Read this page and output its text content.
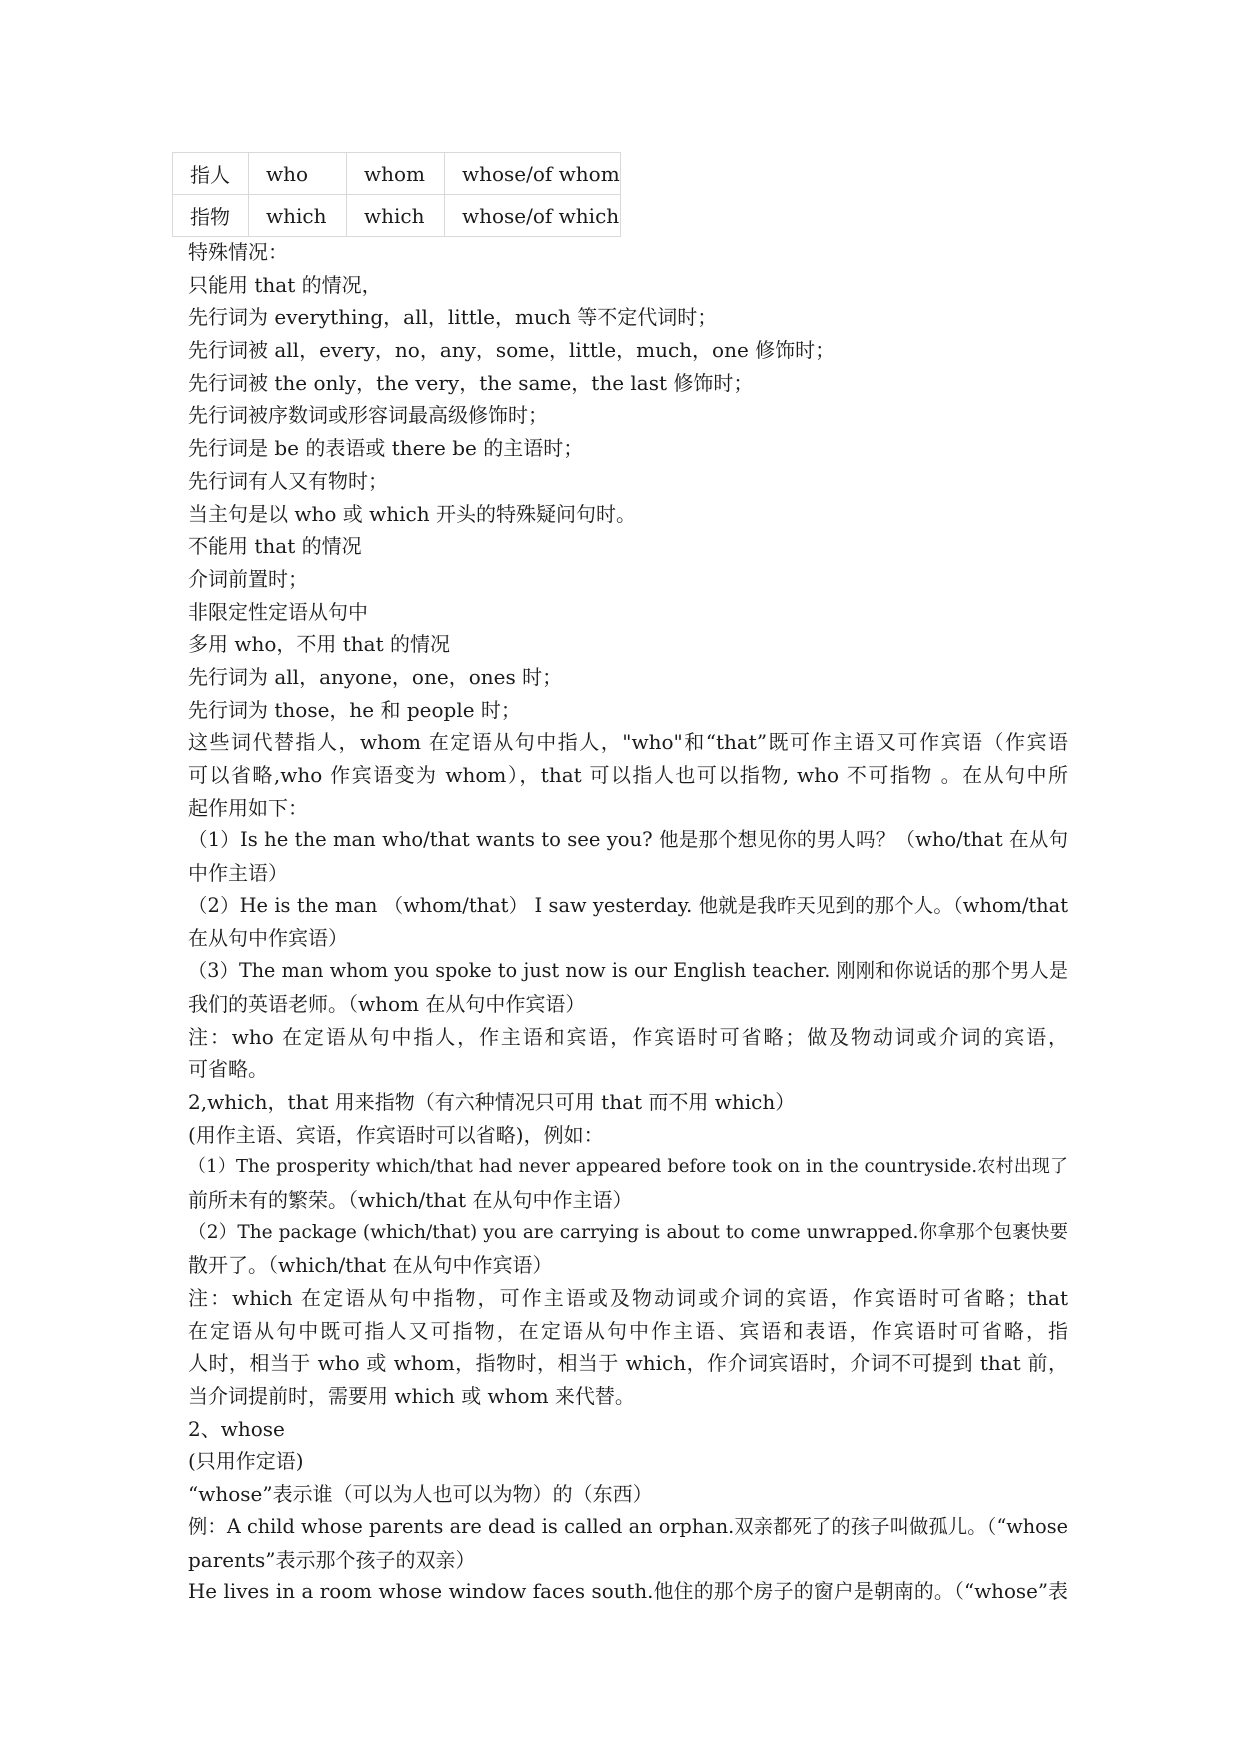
指人	who	whom	whose/of whom
指物	which	which	whose/of which
特殊情况：
只能用 that 的情况，
先行词为 everything，all，little，much 等不定代词时；
先行词被 all，every，no，any，some，little，much，one 修饰时；
先行词被 the only，the very，the same，the last 修饰时；
先行词被序数词或形容词最高级修饰时；
先行词是 be 的表语或 there be 的主语时；
先行词有人又有物时；
当主句是以 who 或 which 开头的特殊疑问句时。
不能用 that 的情况
介词前置时；
非限定性定语从句中
多用 who，不用 that 的情况
先行词为 all，anyone，one，ones 时；
先行词为 those，he 和 people 时；
这些词代替指人，whom 在定语从句中指人，"who"和“that”既可作主语又可作宾语（作宾语
可以省略,who 作宾语变为 whom），that 可以指人也可以指物, who 不可指物 。在从句中所
起作用如下：
（1）Is he the man who/that wants to see you? 他是那个想见你的男人吗？（who/that 在从句
中作主语）
（2）He is the man （whom/that） I saw yesterday. 他就是我昨天见到的那个人。（whom/that
在从句中作宾语）
（3）The man whom you spoke to just now is our English teacher. 刚刚和你说话的那个男人是
我们的英语老师。（whom 在从句中作宾语）
注：who 在定语从句中指人，作主语和宾语，作宾语时可省略；做及物动词或介词的宾语，
可省略。
2,which，that 用来指物（有六种情况只可用 that 而不用 which）
(用作主语、宾语，作宾语时可以省略)，例如：
（1）The prosperity which/that had never appeared before took on in the countryside.农村出现了
前所未有的繁荣。（which/that 在从句中作主语）
（2）The package (which/that) you are carrying is about to come unwrapped.你拿那个包裹快要
散开了。（which/that 在从句中作宾语）
注：which 在定语从句中指物，可作主语或及物动词或介词的宾语，作宾语时可省略；that
在定语从句中既可指人又可指物，在定语从句中作主语、宾语和表语，作宾语时可省略，指
人时，相当于 who 或 whom，指物时，相当于 which，作介词宾语时，介词不可提到 that 前，
当介词提前时，需要用 which 或 whom 来代替。
2、whose
(只用作定语)
“whose”表示谁（可以为人也可以为物）的（东西）
例：A child whose parents are dead is called an orphan.双亲都死了的孩子叫做孤儿。（“whose
parents”表示那个孩子的双亲）
He lives in a room whose window faces south.他住的那个房子的窗户是朝南的。（“whose”表
